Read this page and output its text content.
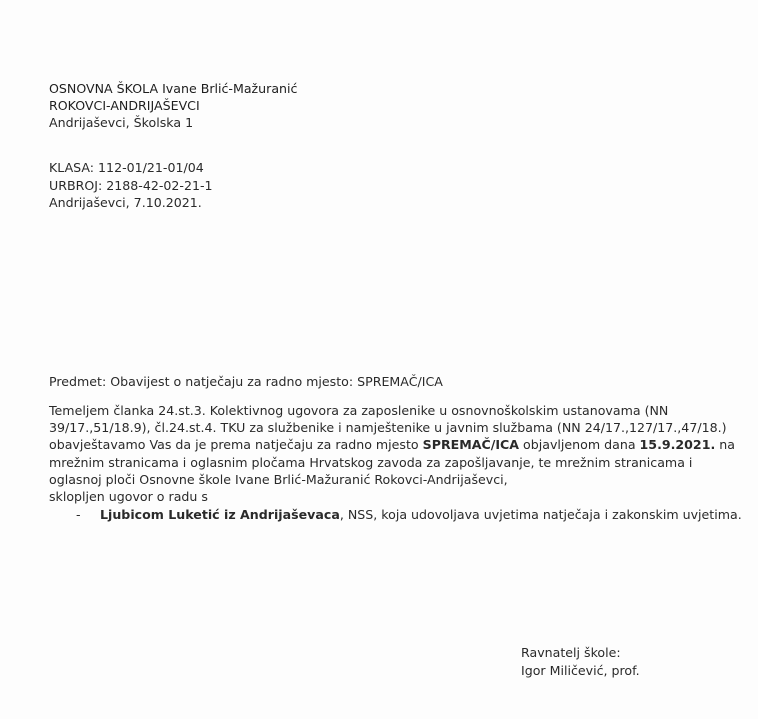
OSNOVNA ŠKOLA Ivane Brlić-Mažuranić
ROKOVCI-ANDRIJAŠEVCI
Andrijaševci, Školska 1
KLASA: 112-01/21-01/04
URBROJ: 2188-42-02-21-1
Andrijaševci, 7.10.2021.
Predmet: Obavijest o natječaju za radno mjesto: SPREMAČ/ICA
Temeljem članka 24.st.3. Kolektivnog ugovora za zaposlenike u osnovnoškolskim ustanovama (NN
39/17.,51/18.9), čl.24.st.4. TKU za službenike i namještenike u javnim službama (NN 24/17.,127/17.,47/18.)
obavještavamo Vas da je prema natječaju za radno mjesto SPREMAČ/ICA objavljenom dana 15.9.2021. na
mrežnim stranicama i oglasnim pločama Hrvatskog zavoda za zapošljavanje, te mrežnim stranicama i
oglasnoj ploči Osnovne škole Ivane Brlić-Mažuranić Rokovci-Andrijaševci,
sklopljen ugovor o radu s
- Ljubicom Luketić iz Andrijaševaca, NSS, koja udovoljava uvjetima natječaja i zakonskim uvjetima.
Ravnatelj škole:
Igor Miličević, prof.
